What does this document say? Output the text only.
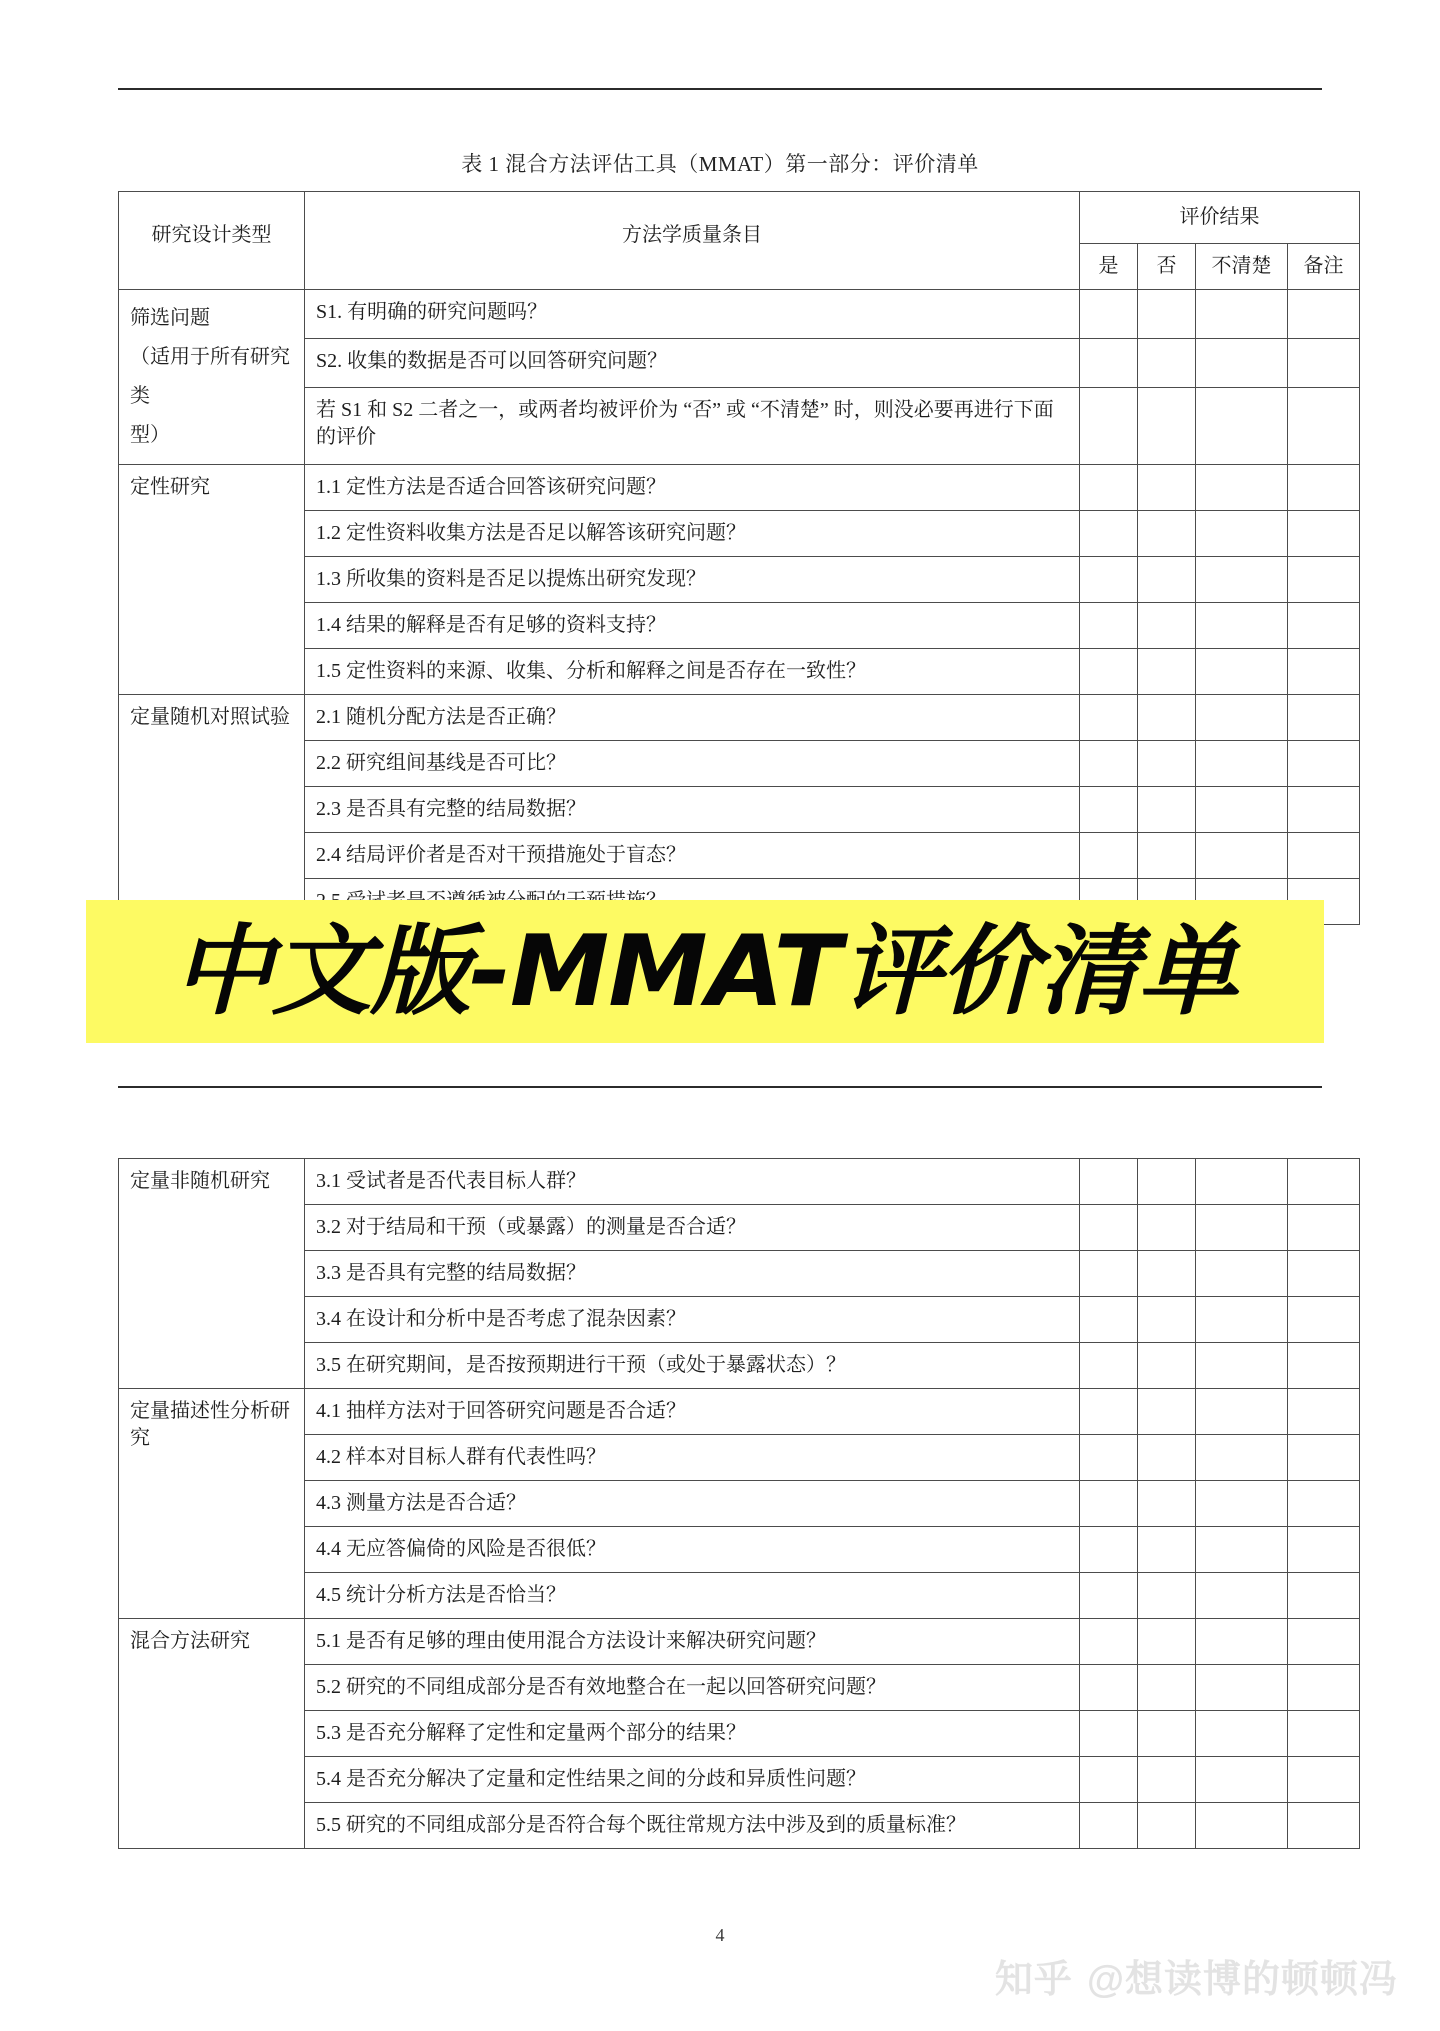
表 1 混合方法评估工具（MMAT）第一部分：评价清单
研究设计类型	方法学质量条目	评价结果			

		是	否	不清楚	备注

筛选问题
（适用于所有研究类
型）	S1. 有明确的研究问题吗？				

	S2. 收集的数据是否可以回答研究问题？				

	若 S1 和 S2 二者之一，或两者均被评价为 “否” 或 “不清楚” 时，则没必要再进行下面的评价				

定性研究	1.1 定性方法是否适合回答该研究问题？				

	1.2 定性资料收集方法是否足以解答该研究问题？				

	1.3 所收集的资料是否足以提炼出研究发现？				

	1.4 结果的解释是否有足够的资料支持？				

	1.5 定性资料的来源、收集、分析和解释之间是否存在一致性？				

定量随机对照试验	2.1 随机分配方法是否正确？				

	2.2 研究组间基线是否可比？				

	2.3 是否具有完整的结局数据？				

	2.4 结局评价者是否对干预措施处于盲态？				

中文版-MMAT评价清单
定量非随机研究	3.1 受试者是否代表目标人群？				

	3.2 对于结局和干预（或暴露）的测量是否合适？				

	3.3 是否具有完整的结局数据？				

	3.4 在设计和分析中是否考虑了混杂因素？				

	3.5 在研究期间，是否按预期进行干预（或处于暴露状态）？				

定量描述性分析研究	4.1 抽样方法对于回答研究问题是否合适？				

	4.2 样本对目标人群有代表性吗？				

	4.3 测量方法是否合适？				

	4.4 无应答偏倚的风险是否很低？				

	4.5 统计分析方法是否恰当？				

混合方法研究	5.1 是否有足够的理由使用混合方法设计来解决研究问题？				

	5.2 研究的不同组成部分是否有效地整合在一起以回答研究问题？				

	5.3 是否充分解释了定性和定量两个部分的结果？				

	5.4 是否充分解决了定量和定性结果之间的分歧和异质性问题？				

	5.5 研究的不同组成部分是否符合每个既往常规方法中涉及到的质量标准？				

4
知乎 @想读博的顿顿冯
